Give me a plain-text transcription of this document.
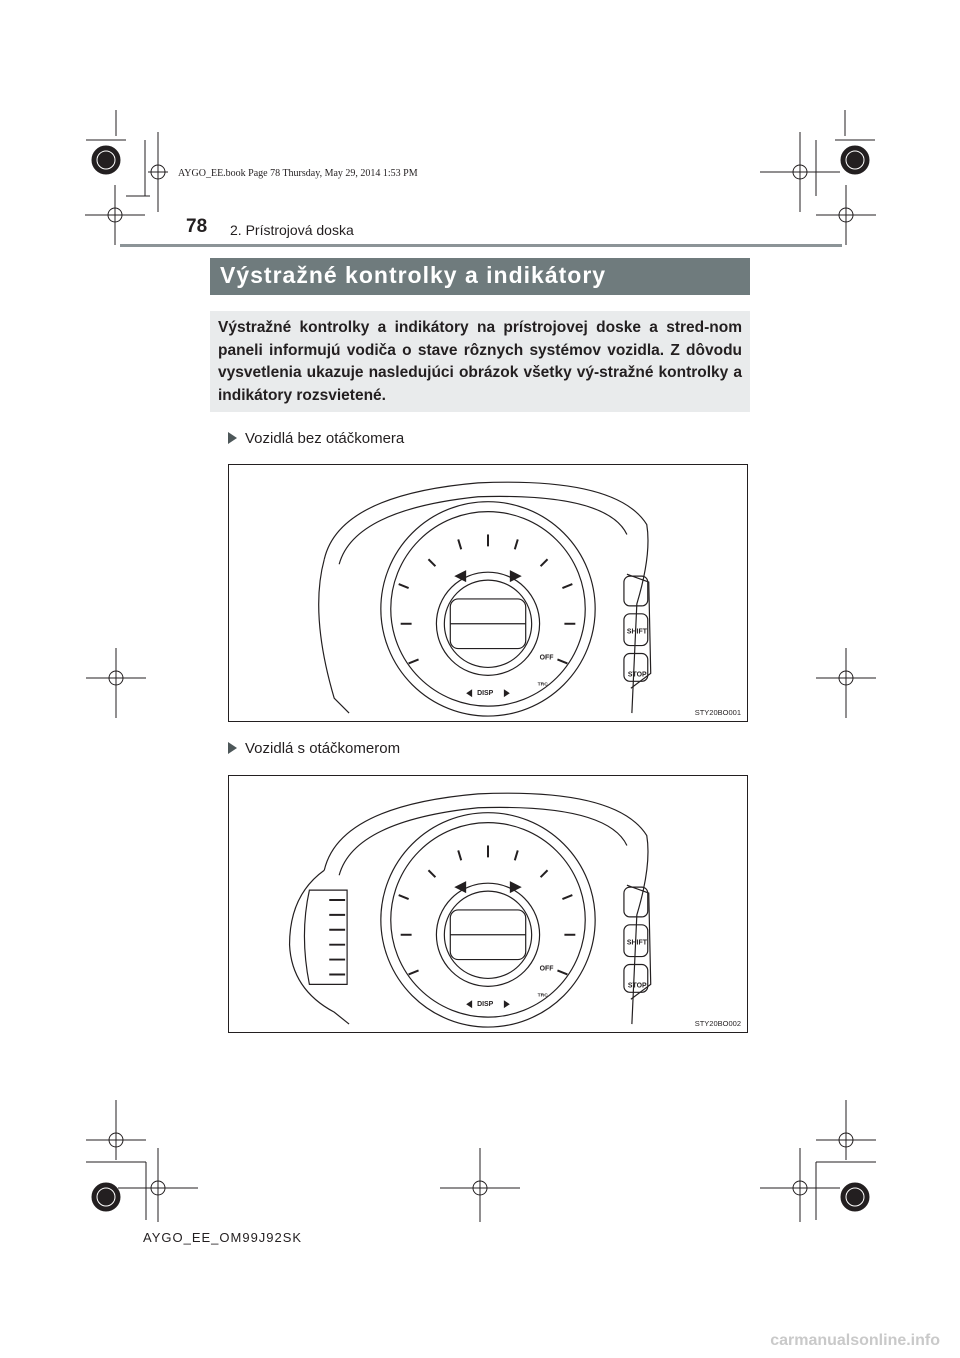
AYGO_EE.book Page 78 Thursday, May 29, 2014 1:53 PM
78 2. Prístrojová doska
Výstražné kontrolky a indikátory

Výstražné kontrolky a indikátory na prístrojovej doske a stred-nom paneli informujú vodiča o stave rôznych systémov vozidla. Z dôvodu vysvetlenia ukazuje nasledujúci obrázok všetky vý-stražné kontrolky a indikátory rozsvietené.

Vozidlá bez otáčkomera
SHIFT
STOP
DISP
OFF
TRC
STY20BO001
Vozidlá s otáčkomerom
SHIFT
STOP
DISP
OFF
TRC
STY20BO002
AYGO_EE_OM99J92SK
carmanualsonline.info
